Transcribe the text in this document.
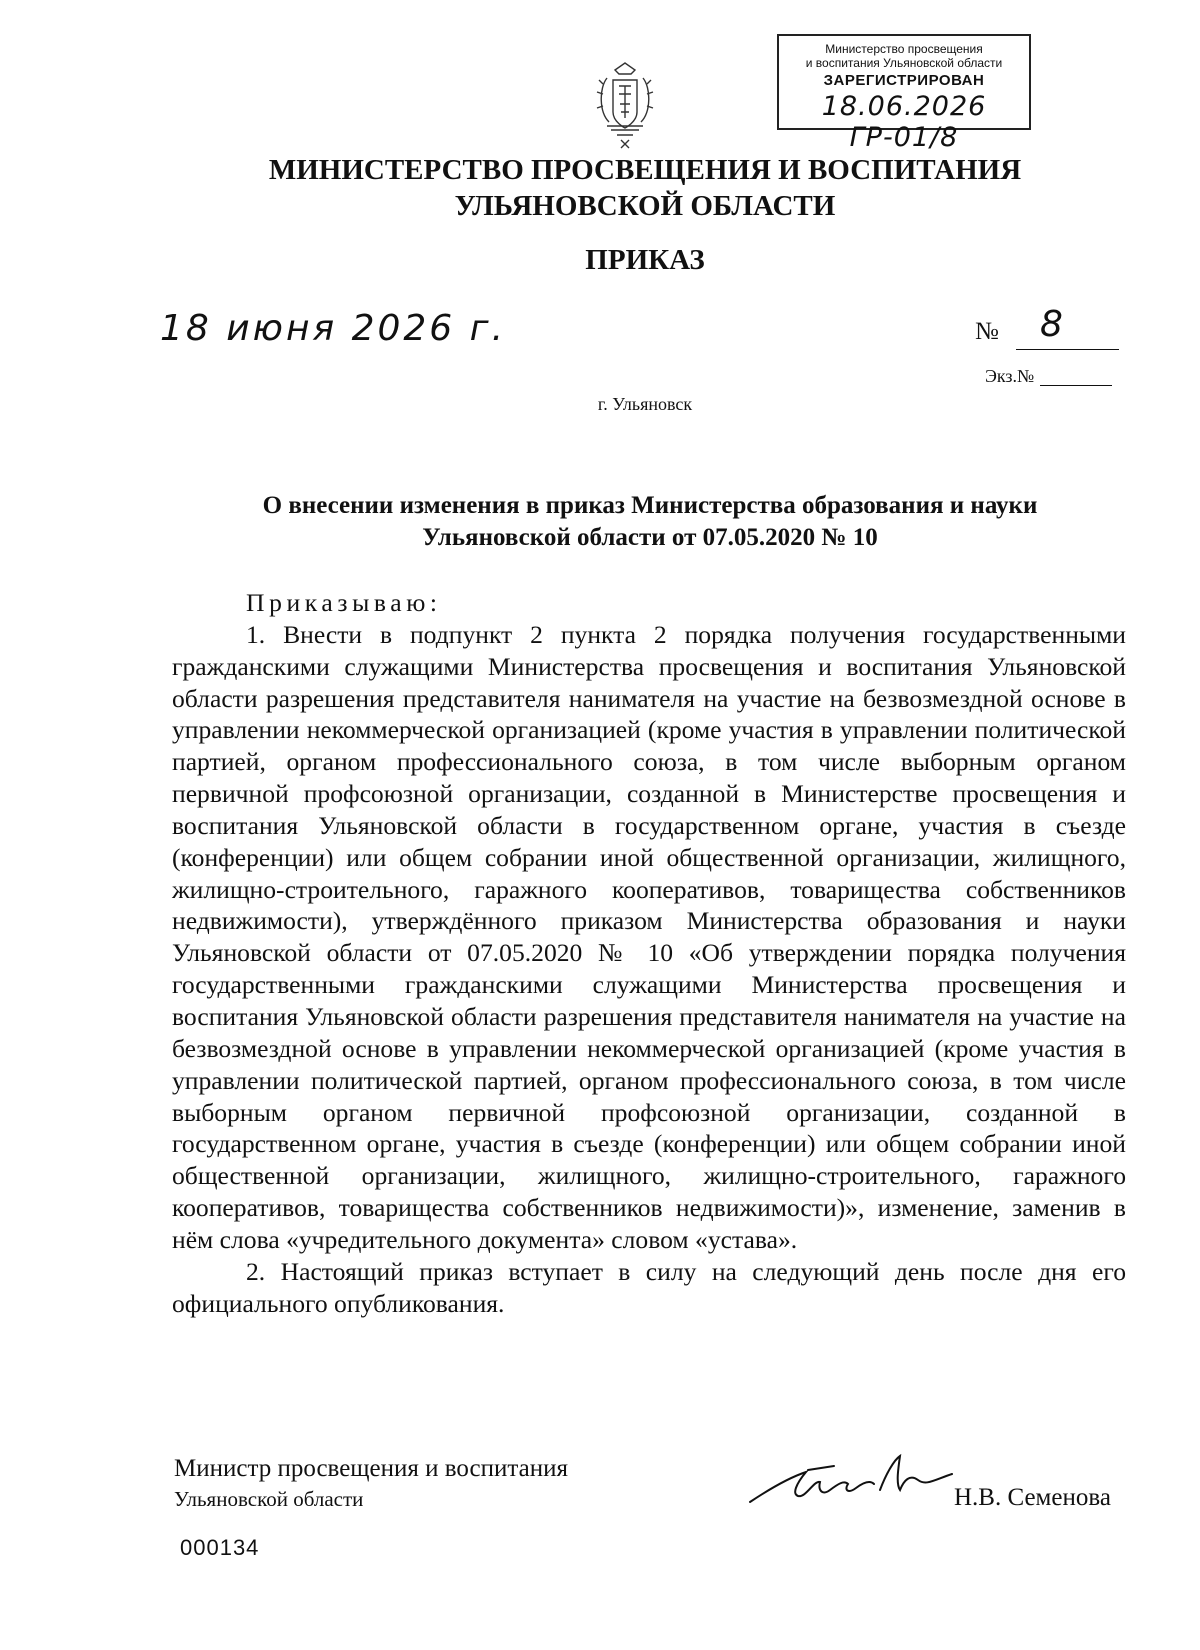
Министерство просвещения
и воспитания Ульяновской области
ЗАРЕГИСТРИРОВАН
18.06.2026 ГР-01/8
МИНИСТЕРСТВО ПРОСВЕЩЕНИЯ И ВОСПИТАНИЯ
УЛЬЯНОВСКОЙ ОБЛАСТИ
ПРИКАЗ
18 июня 2026 г.	№ 8
Экз.№
г. Ульяновск
О внесении изменения в приказ Министерства образования и науки
Ульяновской области от 07.05.2020 № 10

Приказываю:

1. Внести в подпункт 2 пункта 2 порядка получения государственными гражданскими служащими Министерства просвещения и воспитания Ульяновской области разрешения представителя нанимателя на участие на безвозмездной основе в управлении некоммерческой организацией (кроме участия в управлении политической партией, органом профессионального союза, в том числе выборным органом первичной профсоюзной организации, созданной в Министерстве просвещения и воспитания Ульяновской области в государственном органе, участия в съезде (конференции) или общем собрании иной общественной организации, жилищного, жилищно-строительного, гаражного кооперативов, товарищества собственников недвижимости), утверждённого приказом Министерства образования и науки Ульяновской области от 07.05.2020 № 10 «Об утверждении порядка получения государственными гражданскими служащими Министерства просвещения и воспитания Ульяновской области разрешения представителя нанимателя на участие на безвозмездной основе в управлении некоммерческой организацией (кроме участия в управлении политической партией, органом профессионального союза, в том числе выборным органом первичной профсоюзной организации, созданной в государственном органе, участия в съезде (конференции) или общем собрании иной общественной организации, жилищного, жилищно-строительного, гаражного кооперативов, товарищества собственников недвижимости)», изменение, заменив в нём слова «учредительного документа» словом «устава».

2. Настоящий приказ вступает в силу на следующий день после дня его официального опубликования.

Министр просвещения и воспитания
Ульяновской области	Н.В. Семенова
000134
